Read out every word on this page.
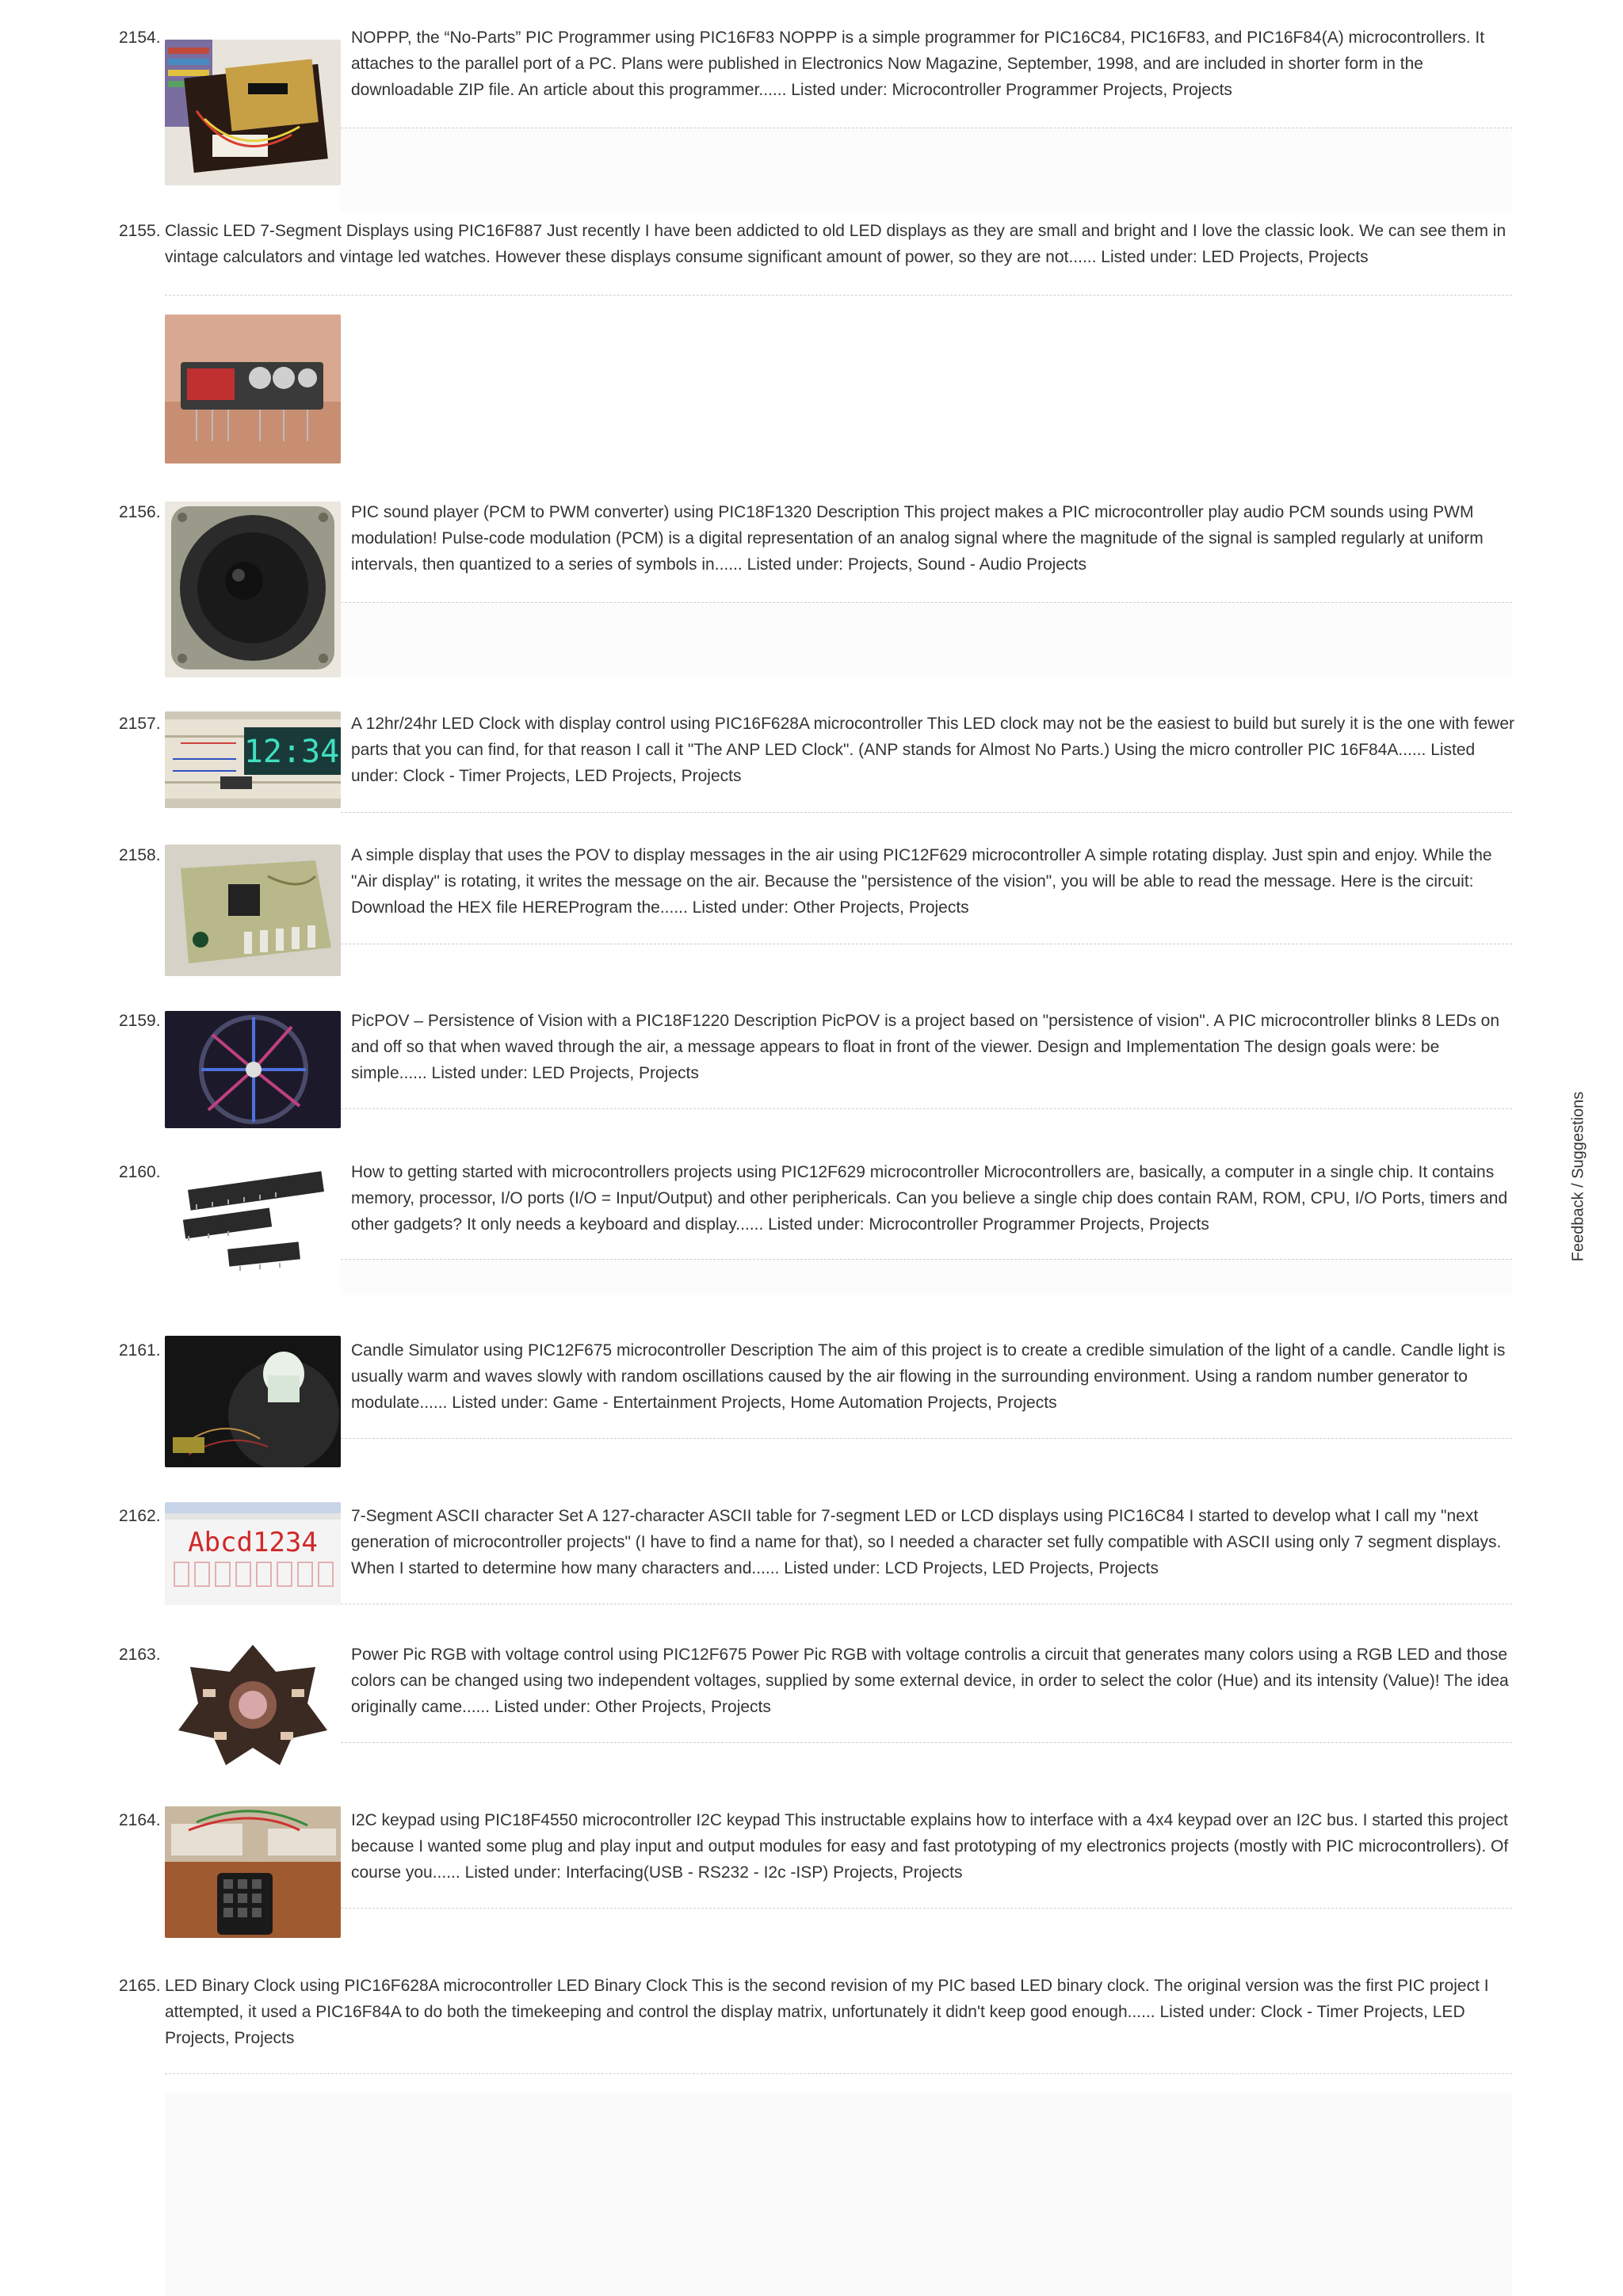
2154.	NOPPP, the “No-Parts” PIC Programmer using PIC16F83 NOPPP is a simple programmer for PIC16C84, PIC16F83, and PIC16F84(A) microcontrollers. It attaches to the parallel port of a PC. Plans were published in Electronics Now Magazine, September, 1998, and are included in shorter form in the downloadable ZIP file. An article about this programmer...... Listed under: Microcontroller Programmer Projects, Projects
2155. Classic LED 7-Segment Displays using PIC16F887 Just recently I have been addicted to old LED displays as they are small and bright and I love the classic look. We can see them in vintage calculators and vintage led watches. However these displays consume significant amount of power, so they are not...... Listed under: LED Projects, Projects
2156.	PIC sound player (PCM to PWM converter) using PIC18F1320 Description This project makes a PIC microcontroller play audio PCM sounds using PWM modulation! Pulse-code modulation (PCM) is a digital representation of an analog signal where the magnitude of the signal is sampled regularly at uniform intervals, then quantized to a series of symbols in...... Listed under: Projects, Sound - Audio Projects
2157.
12:34
A 12hr/24hr LED Clock with display control using PIC16F628A microcontroller This LED clock may not be the easiest to build but surely it is the one with fewer parts that you can find, for that reason I call it "The ANP LED Clock". (ANP stands for Almost No Parts.) Using the micro controller PIC 16F84A...... Listed under: Clock - Timer Projects, LED Projects, Projects
2158.	A simple display that uses the POV to display messages in the air using PIC12F629 microcontroller A simple rotating display. Just spin and enjoy. While the "Air display" is rotating, it writes the message on the air. Because the "persistence of the vision", you will be able to read the message. Here is the circuit: Download the HEX file HEREProgram the...... Listed under: Other Projects, Projects
2159.	PicPOV – Persistence of Vision with a PIC18F1220 Description PicPOV is a project based on "persistence of vision". A PIC microcontroller blinks 8 LEDs on and off so that when waved through the air, a message appears to float in front of the viewer. Design and Implementation The design goals were: be simple...... Listed under: LED Projects, Projects
2160.	How to getting started with microcontrollers projects using PIC12F629 microcontroller Microcontrollers are, basically, a computer in a single chip. It contains memory, processor, I/O ports (I/O = Input/Output) and other periphericals. Can you believe a single chip does contain RAM, ROM, CPU, I/O Ports, timers and other gadgets? It only needs a keyboard and display...... Listed under: Microcontroller Programmer Projects, Projects
2161.	Candle Simulator using PIC12F675 microcontroller Description The aim of this project is to create a credible simulation of the light of a candle. Candle light is usually warm and waves slowly with random oscillations caused by the air flowing in the surrounding environment. Using a random number generator to modulate...... Listed under: Game - Entertainment Projects, Home Automation Projects, Projects
2162.
Abcd1234
7-Segment ASCII character Set A 127-character ASCII table for 7-segment LED or LCD displays using PIC16C84 I started to develop what I call my "next generation of microcontroller projects" (I have to find a name for that), so I needed a character set fully compatible with ASCII using only 7 segment displays. When I started to determine how many characters and...... Listed under: LCD Projects, LED Projects, Projects
2163.	Power Pic RGB with voltage control using PIC12F675 Power Pic RGB with voltage controlis a circuit that generates many colors using a RGB LED and those colors can be changed using two independent voltages, supplied by some external device, in order to select the color (Hue) and its intensity (Value)! The idea originally came...... Listed under: Other Projects, Projects
2164.	I2C keypad using PIC18F4550 microcontroller I2C keypad This instructable explains how to interface with a 4x4 keypad over an I2C bus. I started this project because I wanted some plug and play input and output modules for easy and fast prototyping of my electronics projects (mostly with PIC microcontrollers). Of course you...... Listed under: Interfacing(USB - RS232 - I2c -ISP) Projects, Projects
2165. LED Binary Clock using PIC16F628A microcontroller LED Binary Clock This is the second revision of my PIC based LED binary clock. The original version was the first PIC project I attempted, it used a PIC16F84A to do both the timekeeping and control the display matrix, unfortunately it didn't keep good enough...... Listed under: Clock - Timer Projects, LED Projects, Projects
Feedback / Suggestions
